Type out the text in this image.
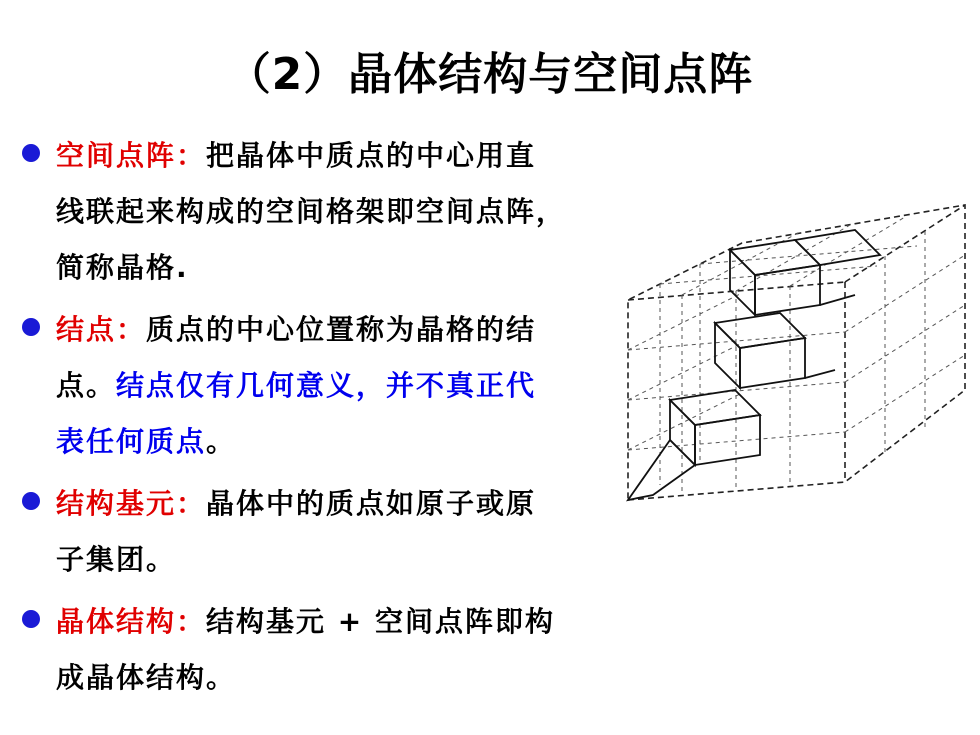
（2）晶体结构与空间点阵
空间点阵：把晶体中质点的中心用直
线联起来构成的空间格架即空间点阵，
简称晶格.
结点：质点的中心位置称为晶格的结
点。结点仅有几何意义，并不真正代
表任何质点。
结构基元：晶体中的质点如原子或原
子集团。
晶体结构：结构基元 + 空间点阵即构
成晶体结构。
